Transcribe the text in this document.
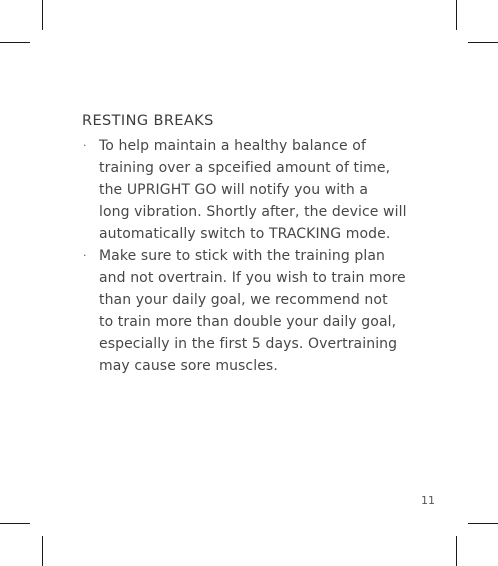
RESTING BREAKS
· To help maintain a healthy balance of
training over a spceified amount of time,
the UPRIGHT GO will notify you with a
long vibration. Shortly after, the device will
automatically switch to TRACKING mode.
· Make sure to stick with the training plan
and not overtrain. If you wish to train more
than your daily goal, we recommend not
to train more than double your daily goal,
especially in the first 5 days. Overtraining
may cause sore muscles.
11
